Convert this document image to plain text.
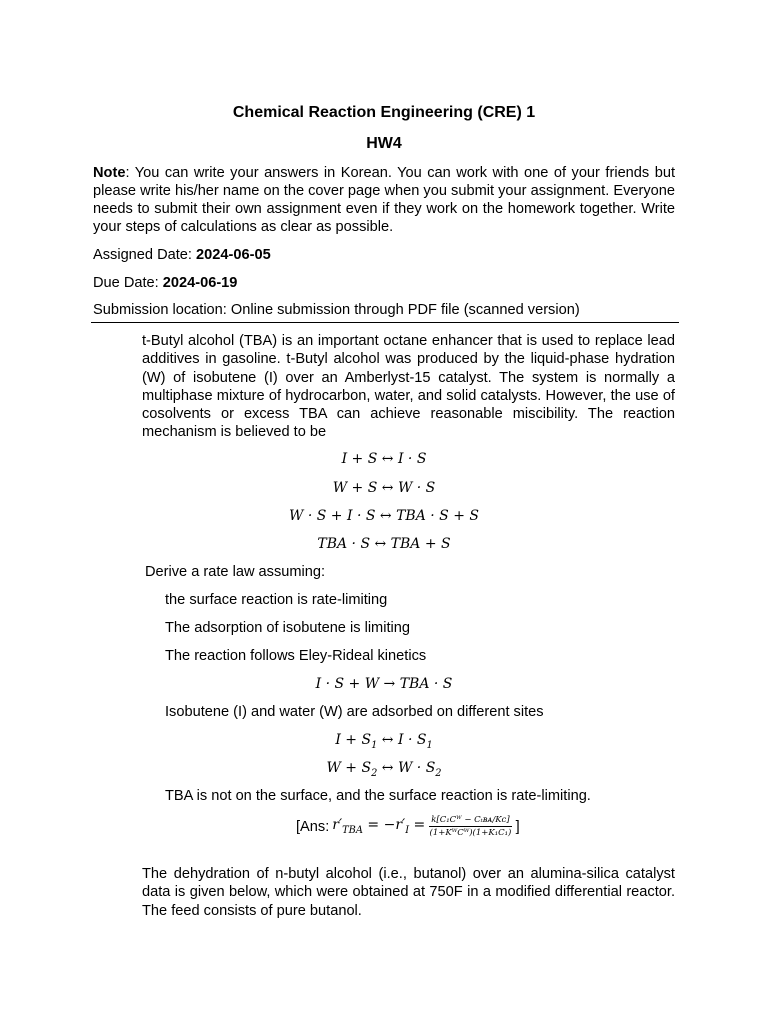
Chemical Reaction Engineering (CRE) 1
HW4
Note: You can write your answers in Korean. You can work with one of your friends but please write his/her name on the cover page when you submit your assignment. Everyone needs to submit their own assignment even if they work on the homework together. Write your steps of calculations as clear as possible.
Assigned Date: 2024-06-05
Due Date: 2024-06-19
Submission location: Online submission through PDF file (scanned version)
t-Butyl alcohol (TBA) is an important octane enhancer that is used to replace lead additives in gasoline. t-Butyl alcohol was produced by the liquid-phase hydration (W) of isobutene (I) over an Amberlyst-15 catalyst. The system is normally a multiphase mixture of hydrocarbon, water, and solid catalysts. However, the use of cosolvents or excess TBA can achieve reasonable miscibility. The reaction mechanism is believed to be
I + S ↔ I · S
W + S ↔ W · S
W · S + I · S ↔ TBA · S + S
TBA · S ↔ TBA + S
Derive a rate law assuming:
the surface reaction is rate-limiting
The adsorption of isobutene is limiting
The reaction follows Eley-Rideal kinetics
I · S + W → TBA · S
Isobutene (I) and water (W) are adsorbed on different sites
$I + S_1$ ↔ $I \cdot S_1$
$W + S_2$ ↔ $W \cdot S_2$
TBA is not on the surface, and the surface reaction is rate-limiting.
[Ans: $r'_{TBA} = -r'_I = \frac{\text{k[C₁Cᵂ − Cₜʙᴀ/Kᴄ]}}{\text{(1+KᵂCᵂ)(1+K₁C₁)}}$ ]
The dehydration of n-butyl alcohol (i.e., butanol) over an alumina-silica catalyst data is given below, which were obtained at 750F in a modified differential reactor. The feed consists of pure butanol.
